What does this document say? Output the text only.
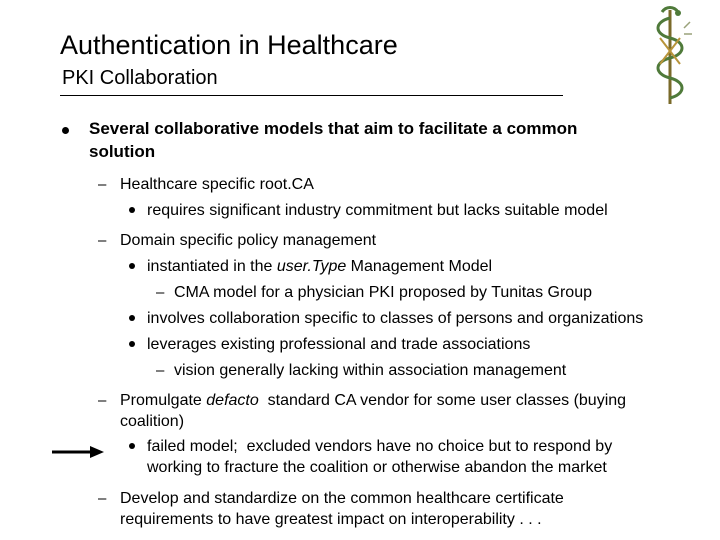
Authentication in Healthcare
PKI Collaboration
Several collaborative models that aim to facilitate a common
solution
– Healthcare specific root.CA
requires significant industry commitment but lacks suitable model
– Domain specific policy management
instantiated in the user.Type Management Model
– CMA model for a physician PKI proposed by Tunitas Group
involves collaboration specific to classes of persons and organizations
leverages existing professional and trade associations
– vision generally lacking within association management
– Promulgate defacto  standard CA vendor for some user classes (buying
coalition)
failed model;  excluded vendors have no choice but to respond by
working to fracture the coalition or otherwise abandon the market
– Develop and standardize on the common healthcare certificate
requirements to have greatest impact on interoperability . . .
